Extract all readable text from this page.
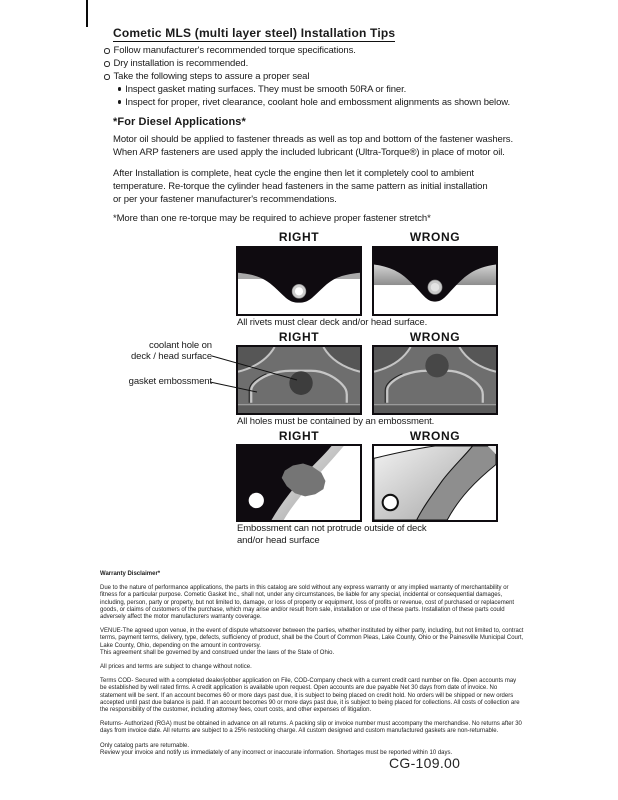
Cometic MLS (multi layer steel) Installation Tips
Follow manufacturer's recommended torque specifications.
Dry installation is recommended.
Take the following steps to assure a proper seal
Inspect gasket mating surfaces. They must be smooth 50RA or finer.
Inspect for proper, rivet clearance, coolant hole and embossment alignments as shown below.
*For Diesel Applications*
Motor oil should be applied to fastener threads as well as top and bottom of the fastener washers.
When ARP fasteners are used apply the included lubricant (Ultra-Torque®) in place of motor oil.
After Installation is complete, heat cycle the engine then let it completely cool to ambient
temperature. Re-torque the cylinder head fasteners in the same pattern as initial installation
or per your fastener manufacturer's recommendations.
*More than one re-torque may be required to achieve proper fastener stretch*
RIGHT	WRONG
All rivets must clear deck and/or head surface.
RIGHT	WRONG
coolant hole on
deck / head surface
gasket embossment
All holes must be contained by an embossment.
RIGHT	WRONG
Embossment can not protrude outside of deck and/or head surface
Warranty Disclaimer*

Due to the nature of performance applications, the parts in this catalog are sold without any express warranty or any implied warranty of merchantability or fitness for a particular purpose. Cometic Gasket Inc., shall not, under any circumstances, be liable for any special, incidental or consequential damages, including, person, party or property, but not limited to, damage, or loss of property or equipment, loss of profits or revenue, cost of purchased or replacement goods, or claims of customers of the purchase, which may arise and/or result from sale, installation or use of these parts. Installation of these parts could adversely affect the motor manufacturers warranty coverage.

VENUE-The agreed upon venue, in the event of dispute whatsoever between the parties, whether instituted by either party, including, but not limited to, contract terms, payment terms, delivery, type, defects, sufficiency of product, shall be the Court of Common Pleas, Lake County, Ohio or the Painesville Municipal Court, Lake County, Ohio, depending on the amount in controversy.

This agreement shall be governed by and construed under the laws of the State of Ohio.

All prices and terms are subject to change without notice.

Terms COD- Secured with a completed dealer/jobber application on File, COD-Company check with a current credit card number on file. Open accounts may be established by well rated firms. A credit application is available upon request. Open accounts are due payable Net 30 days from date of invoice. No statement will be sent. If an account becomes 60 or more days past due, it is subject to being placed on credit hold. No orders will be shipped or new orders accepted until past due balance is paid. If an account becomes 90 or more days past due, it is subject to being placed for collections. All costs of collection are the responsibility of the customer, including attorney fees, court costs, and other expenses of litigation.

Returns- Authorized (RGA) must be obtained in advance on all returns. A packing slip or invoice number must accompany the merchandise. No returns after 30 days from invoice date. All returns are subject to a 25% restocking charge. All custom designed and custom manufactured gaskets are non-returnable.

Only catalog parts are returnable.

Review your invoice and notify us immediately of any incorrect or inaccurate information. Shortages must be reported within 10 days.

CG-109.00
